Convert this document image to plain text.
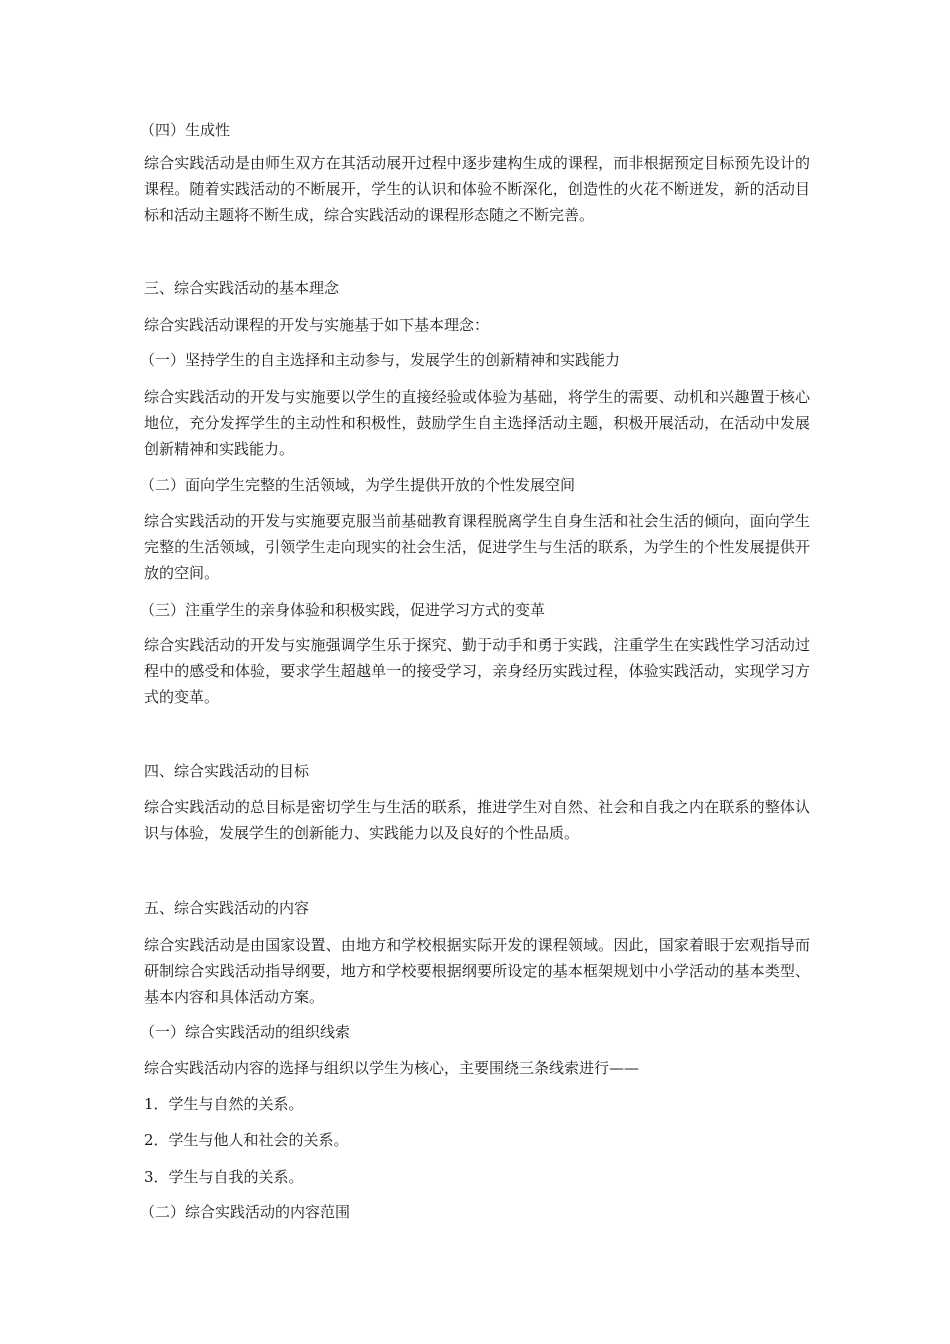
（四）生成性

综合实践活动是由师生双方在其活动展开过程中逐步建构生成的课程，而非根据预定目标预先设计的课程。随着实践活动的不断展开，学生的认识和体验不断深化，创造性的火花不断迸发，新的活动目标和活动主题将不断生成，综合实践活动的课程形态随之不断完善。

三、综合实践活动的基本理念

综合实践活动课程的开发与实施基于如下基本理念：

（一）坚持学生的自主选择和主动参与，发展学生的创新精神和实践能力

综合实践活动的开发与实施要以学生的直接经验或体验为基础，将学生的需要、动机和兴趣置于核心地位，充分发挥学生的主动性和积极性，鼓励学生自主选择活动主题，积极开展活动，在活动中发展创新精神和实践能力。

（二）面向学生完整的生活领域，为学生提供开放的个性发展空间

综合实践活动的开发与实施要克服当前基础教育课程脱离学生自身生活和社会生活的倾向，面向学生完整的生活领域，引领学生走向现实的社会生活，促进学生与生活的联系，为学生的个性发展提供开放的空间。

（三）注重学生的亲身体验和积极实践，促进学习方式的变革

综合实践活动的开发与实施强调学生乐于探究、勤于动手和勇于实践，注重学生在实践性学习活动过程中的感受和体验，要求学生超越单一的接受学习，亲身经历实践过程，体验实践活动，实现学习方式的变革。

四、综合实践活动的目标

综合实践活动的总目标是密切学生与生活的联系，推进学生对自然、社会和自我之内在联系的整体认识与体验，发展学生的创新能力、实践能力以及良好的个性品质。

五、综合实践活动的内容

综合实践活动是由国家设置、由地方和学校根据实际开发的课程领域。因此，国家着眼于宏观指导而研制综合实践活动指导纲要，地方和学校要根据纲要所设定的基本框架规划中小学活动的基本类型、基本内容和具体活动方案。

（一）综合实践活动的组织线索

综合实践活动内容的选择与组织以学生为核心，主要围绕三条线索进行——

1．学生与自然的关系。

2．学生与他人和社会的关系。

3．学生与自我的关系。

（二）综合实践活动的内容范围
